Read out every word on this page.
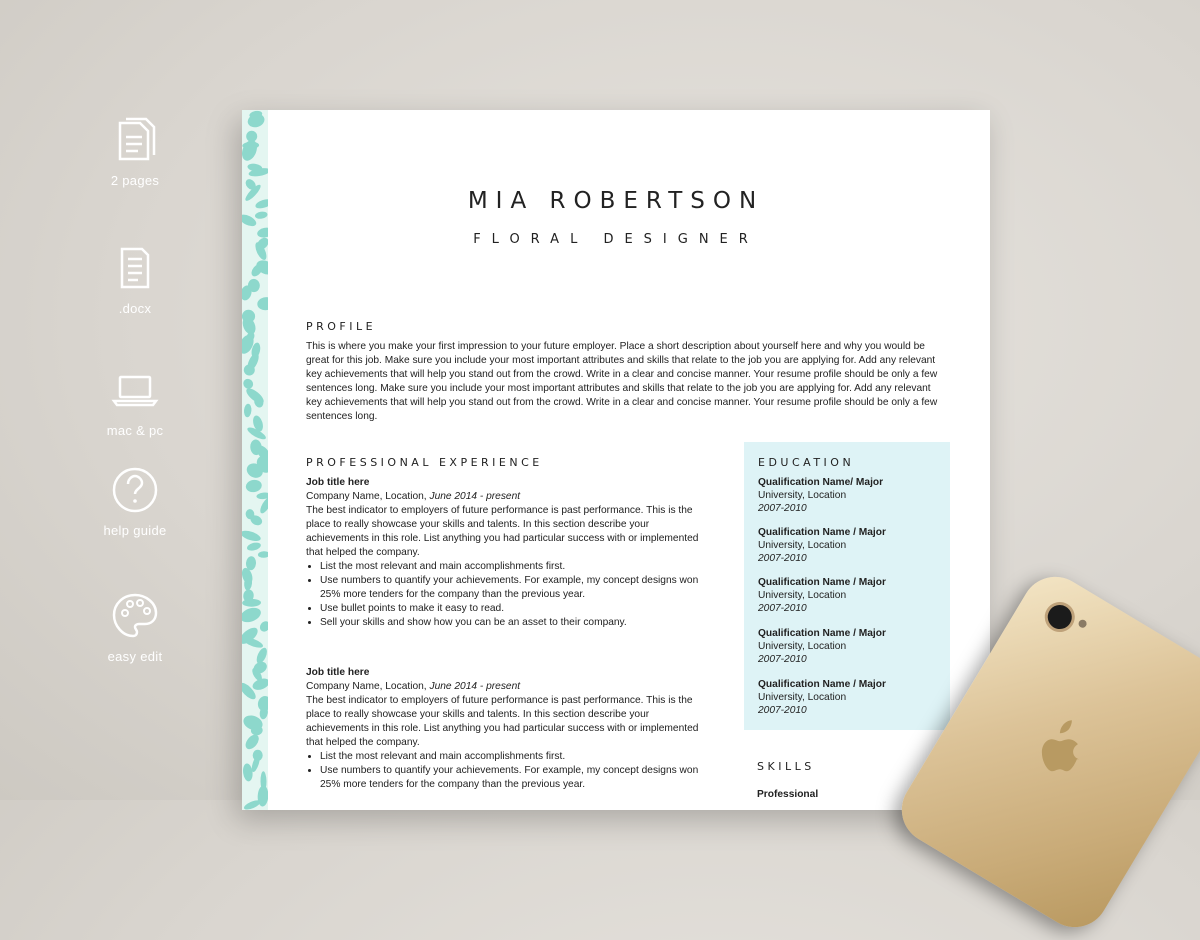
2 pages
.docx
mac & pc
help guide
easy edit
MIA ROBERTSON
FLORAL DESIGNER
PROFILE
This is where you make your first impression to your future employer. Place a short description about yourself here and why you would be great for this job. Make sure you include your most important attributes and skills that relate to the job you are applying for. Add any relevant key achievements that will help you stand out from the crowd. Write in a clear and concise manner. Your resume profile should be only a few sentences long. Make sure you include your most important attributes and skills that relate to the job you are applying for. Add any relevant key achievements that will help you stand out from the crowd. Write in a clear and concise manner. Your resume profile should be only a few sentences long.
PROFESSIONAL EXPERIENCE
Job title here
Company Name, Location, June 2014 - present
The best indicator to employers of future performance is past performance. This is the place to really showcase your skills and talents. In this section describe your achievements in this role. List anything you had particular success with or implemented that helped the company.
• List the most relevant and main accomplishments first.
• Use numbers to quantify your achievements. For example, my concept designs won 25% more tenders for the company than the previous year.
• Use bullet points to make it easy to read.
• Sell your skills and show how you can be an asset to their company.
Job title here
Company Name, Location, June 2014 - present
The best indicator to employers of future performance is past performance. This is the place to really showcase your skills and talents. In this section describe your achievements in this role. List anything you had particular success with or implemented that helped the company.
• List the most relevant and main accomplishments first.
• Use numbers to quantify your achievements. For example, my concept designs won 25% more tenders for the company than the previous year.
EDUCATION
Qualification Name/ Major
University, Location
2007-2010
Qualification Name / Major
University, Location
2007-2010
Qualification Name / Major
University, Location
2007-2010
Qualification Name / Major
University, Location
2007-2010
Qualification Name / Major
University, Location
2007-2010
SKILLS
Professional
